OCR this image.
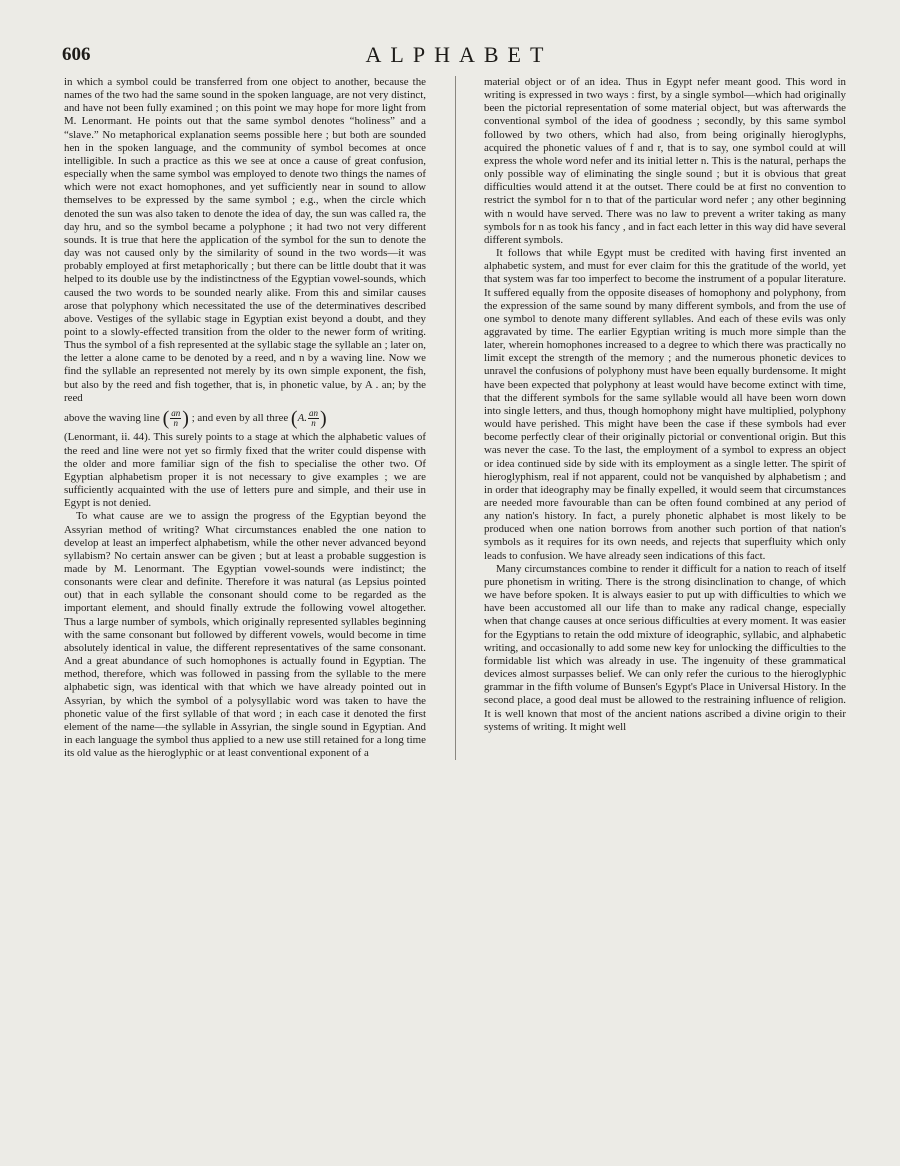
606	ALPHABET

in which a symbol could be transferred from one object to another, because the names of the two had the same sound in the spoken language, are not very distinct, and have not been fully examined ; on this point we may hope for more light from M. Lenormant. He points out that the same symbol denotes “holiness” and a “slave.” No metaphorical explanation seems possible here ; but both are sounded hen in the spoken language, and the community of symbol becomes at once intelligible. In such a practice as this we see at once a cause of great confusion, especially when the same symbol was employed to denote two things the names of which were not exact homophones, and yet sufficiently near in sound to allow themselves to be expressed by the same symbol ; e.g., when the circle which denoted the sun was also taken to denote the idea of day, the sun was called ra, the day hru, and so the symbol became a polyphone ; it had two not very different sounds. It is true that here the application of the symbol for the sun to denote the day was not caused only by the similarity of sound in the two words—it was probably employed at first metaphorically ; but there can be little doubt that it was helped to its double use by the indistinctness of the Egyptian vowel-sounds, which caused the two words to be sounded nearly alike. From this and similar causes arose that polyphony which necessitated the use of the determinatives described above. Vestiges of the syllabic stage in Egyptian exist beyond a doubt, and they point to a slowly-effected transition from the older to the newer form of writing. Thus the symbol of a fish represented at the syllabic stage the syllable an ; later on, the letter a alone came to be denoted by a reed, and n by a waving line. Now we find the syllable an represented not merely by its own simple exponent, the fish, but also by the reed and fish together, that is, in phonetic value, by A . an; by the reed

above the waving line ( $\frac{an}{n}$ ) ; and even by all three (A. $\frac{an}{n}$ )

(Lenormant, ii. 44). This surely points to a stage at which the alphabetic values of the reed and line were not yet so firmly fixed that the writer could dispense with the older and more familiar sign of the fish to specialise the other two. Of Egyptian alphabetism proper it is not necessary to give examples ; we are sufficiently acquainted with the use of letters pure and simple, and their use in Egypt is not denied.

To what cause are we to assign the progress of the Egyptian beyond the Assyrian method of writing? What circumstances enabled the one nation to develop at least an imperfect alphabetism, while the other never advanced beyond syllabism? No certain answer can be given ; but at least a probable suggestion is made by M. Lenormant. The Egyptian vowel-sounds were indistinct; the consonants were clear and definite. Therefore it was natural (as Lepsius pointed out) that in each syllable the consonant should come to be regarded as the important element, and should finally extrude the following vowel altogether. Thus a large number of symbols, which originally represented syllables beginning with the same consonant but followed by different vowels, would become in time absolutely identical in value, the different representatives of the same consonant. And a great abundance of such homophones is actually found in Egyptian. The method, therefore, which was followed in passing from the syllable to the mere alphabetic sign, was identical with that which we have already pointed out in Assyrian, by which the symbol of a polysyllabic word was taken to have the phonetic value of the first syllable of that word ; in each case it denoted the first element of the name—the syllable in Assyrian, the single sound in Egyptian. And in each language the symbol thus applied to a new use still retained for a long time its old value as the hieroglyphic or at least conventional exponent of a

material object or of an idea. Thus in Egypt nefer meant good. This word in writing is expressed in two ways : first, by a single symbol—which had originally been the pictorial representation of some material object, but was afterwards the conventional symbol of the idea of goodness ; secondly, by this same symbol followed by two others, which had also, from being originally hieroglyphs, acquired the phonetic values of f and r, that is to say, one symbol could at will express the whole word nefer and its initial letter n. This is the natural, perhaps the only possible way of eliminating the single sound ; but it is obvious that great difficulties would attend it at the outset. There could be at first no convention to restrict the symbol for n to that of the particular word nefer ; any other beginning with n would have served. There was no law to prevent a writer taking as many symbols for n as took his fancy , and in fact each letter in this way did have several different symbols.

It follows that while Egypt must be credited with having first invented an alphabetic system, and must for ever claim for this the gratitude of the world, yet that system was far too imperfect to become the instrument of a popular literature. It suffered equally from the opposite diseases of homophony and polyphony, from the expression of the same sound by many different symbols, and from the use of one symbol to denote many different syllables. And each of these evils was only aggravated by time. The earlier Egyptian writing is much more simple than the later, wherein homophones increased to a degree to which there was practically no limit except the strength of the memory ; and the numerous phonetic devices to unravel the confusions of polyphony must have been equally burdensome. It might have been expected that polyphony at least would have become extinct with time, that the different symbols for the same syllable would all have been worn down into single letters, and thus, though homophony might have multiplied, polyphony would have perished. This might have been the case if these symbols had ever become perfectly clear of their originally pictorial or conventional origin. But this was never the case. To the last, the employment of a symbol to express an object or idea continued side by side with its employment as a single letter. The spirit of hieroglyphism, real if not apparent, could not be vanquished by alphabetism ; and in order that ideography may be finally expelled, it would seem that circumstances are needed more favourable than can be often found combined at any period of any nation's history. In fact, a purely phonetic alphabet is most likely to be produced when one nation borrows from another such portion of that nation's symbols as it requires for its own needs, and rejects that superfluity which only leads to confusion. We have already seen indications of this fact.

Many circumstances combine to render it difficult for a nation to reach of itself pure phonetism in writing. There is the strong disinclination to change, of which we have before spoken. It is always easier to put up with difficulties to which we have been accustomed all our life than to make any radical change, especially when that change causes at once serious difficulties at every moment. It was easier for the Egyptians to retain the odd mixture of ideographic, syllabic, and alphabetic writing, and occasionally to add some new key for unlocking the difficulties to the formidable list which was already in use. The ingenuity of these grammatical devices almost surpasses belief. We can only refer the curious to the hieroglyphic grammar in the fifth volume of Bunsen's Egypt's Place in Universal History. In the second place, a good deal must be allowed to the restraining influence of religion. It is well known that most of the ancient nations ascribed a divine origin to their systems of writing. It might well
